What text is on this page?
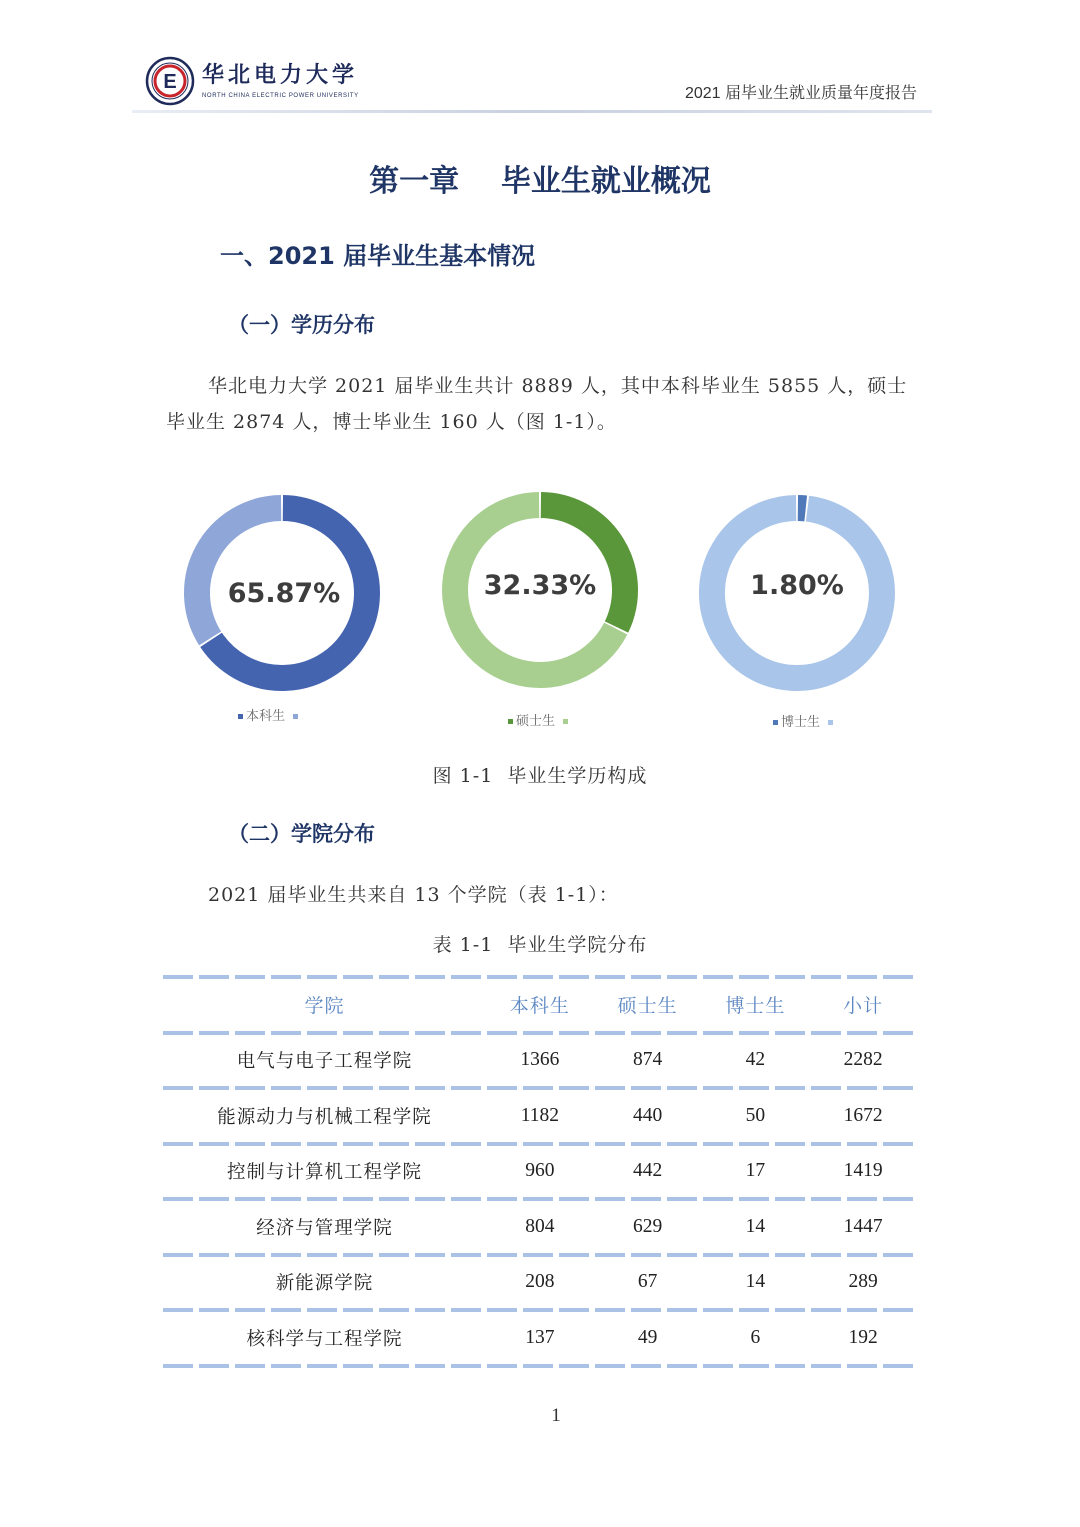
E 华北电力大学
NORTH CHINA ELECTRIC POWER UNIVERSITY	2021 届毕业生就业质量年度报告
第一章    毕业生就业概况
一、2021 届毕业生基本情况
（一）学历分布
华北电力大学 2021 届毕业生共计 8889 人，其中本科毕业生 5855 人，硕士
毕业生 2874 人，博士毕业生 160 人（图 1-1）。
65.87%	32.33%	1.80%
本科生	硕士生	博士生
图 1-1  毕业生学历构成
（二）学院分布
2021 届毕业生共来自 13 个学院（表 1-1）：
表 1-1  毕业生学院分布
学院	本科生	硕士生	博士生	小计
电气与电子工程学院	1366	874	42	2282
能源动力与机械工程学院	1182	440	50	1672
控制与计算机工程学院	960	442	17	1419
经济与管理学院	804	629	14	1447
新能源学院	208	67	14	289
核科学与工程学院	137	49	6	192
1
